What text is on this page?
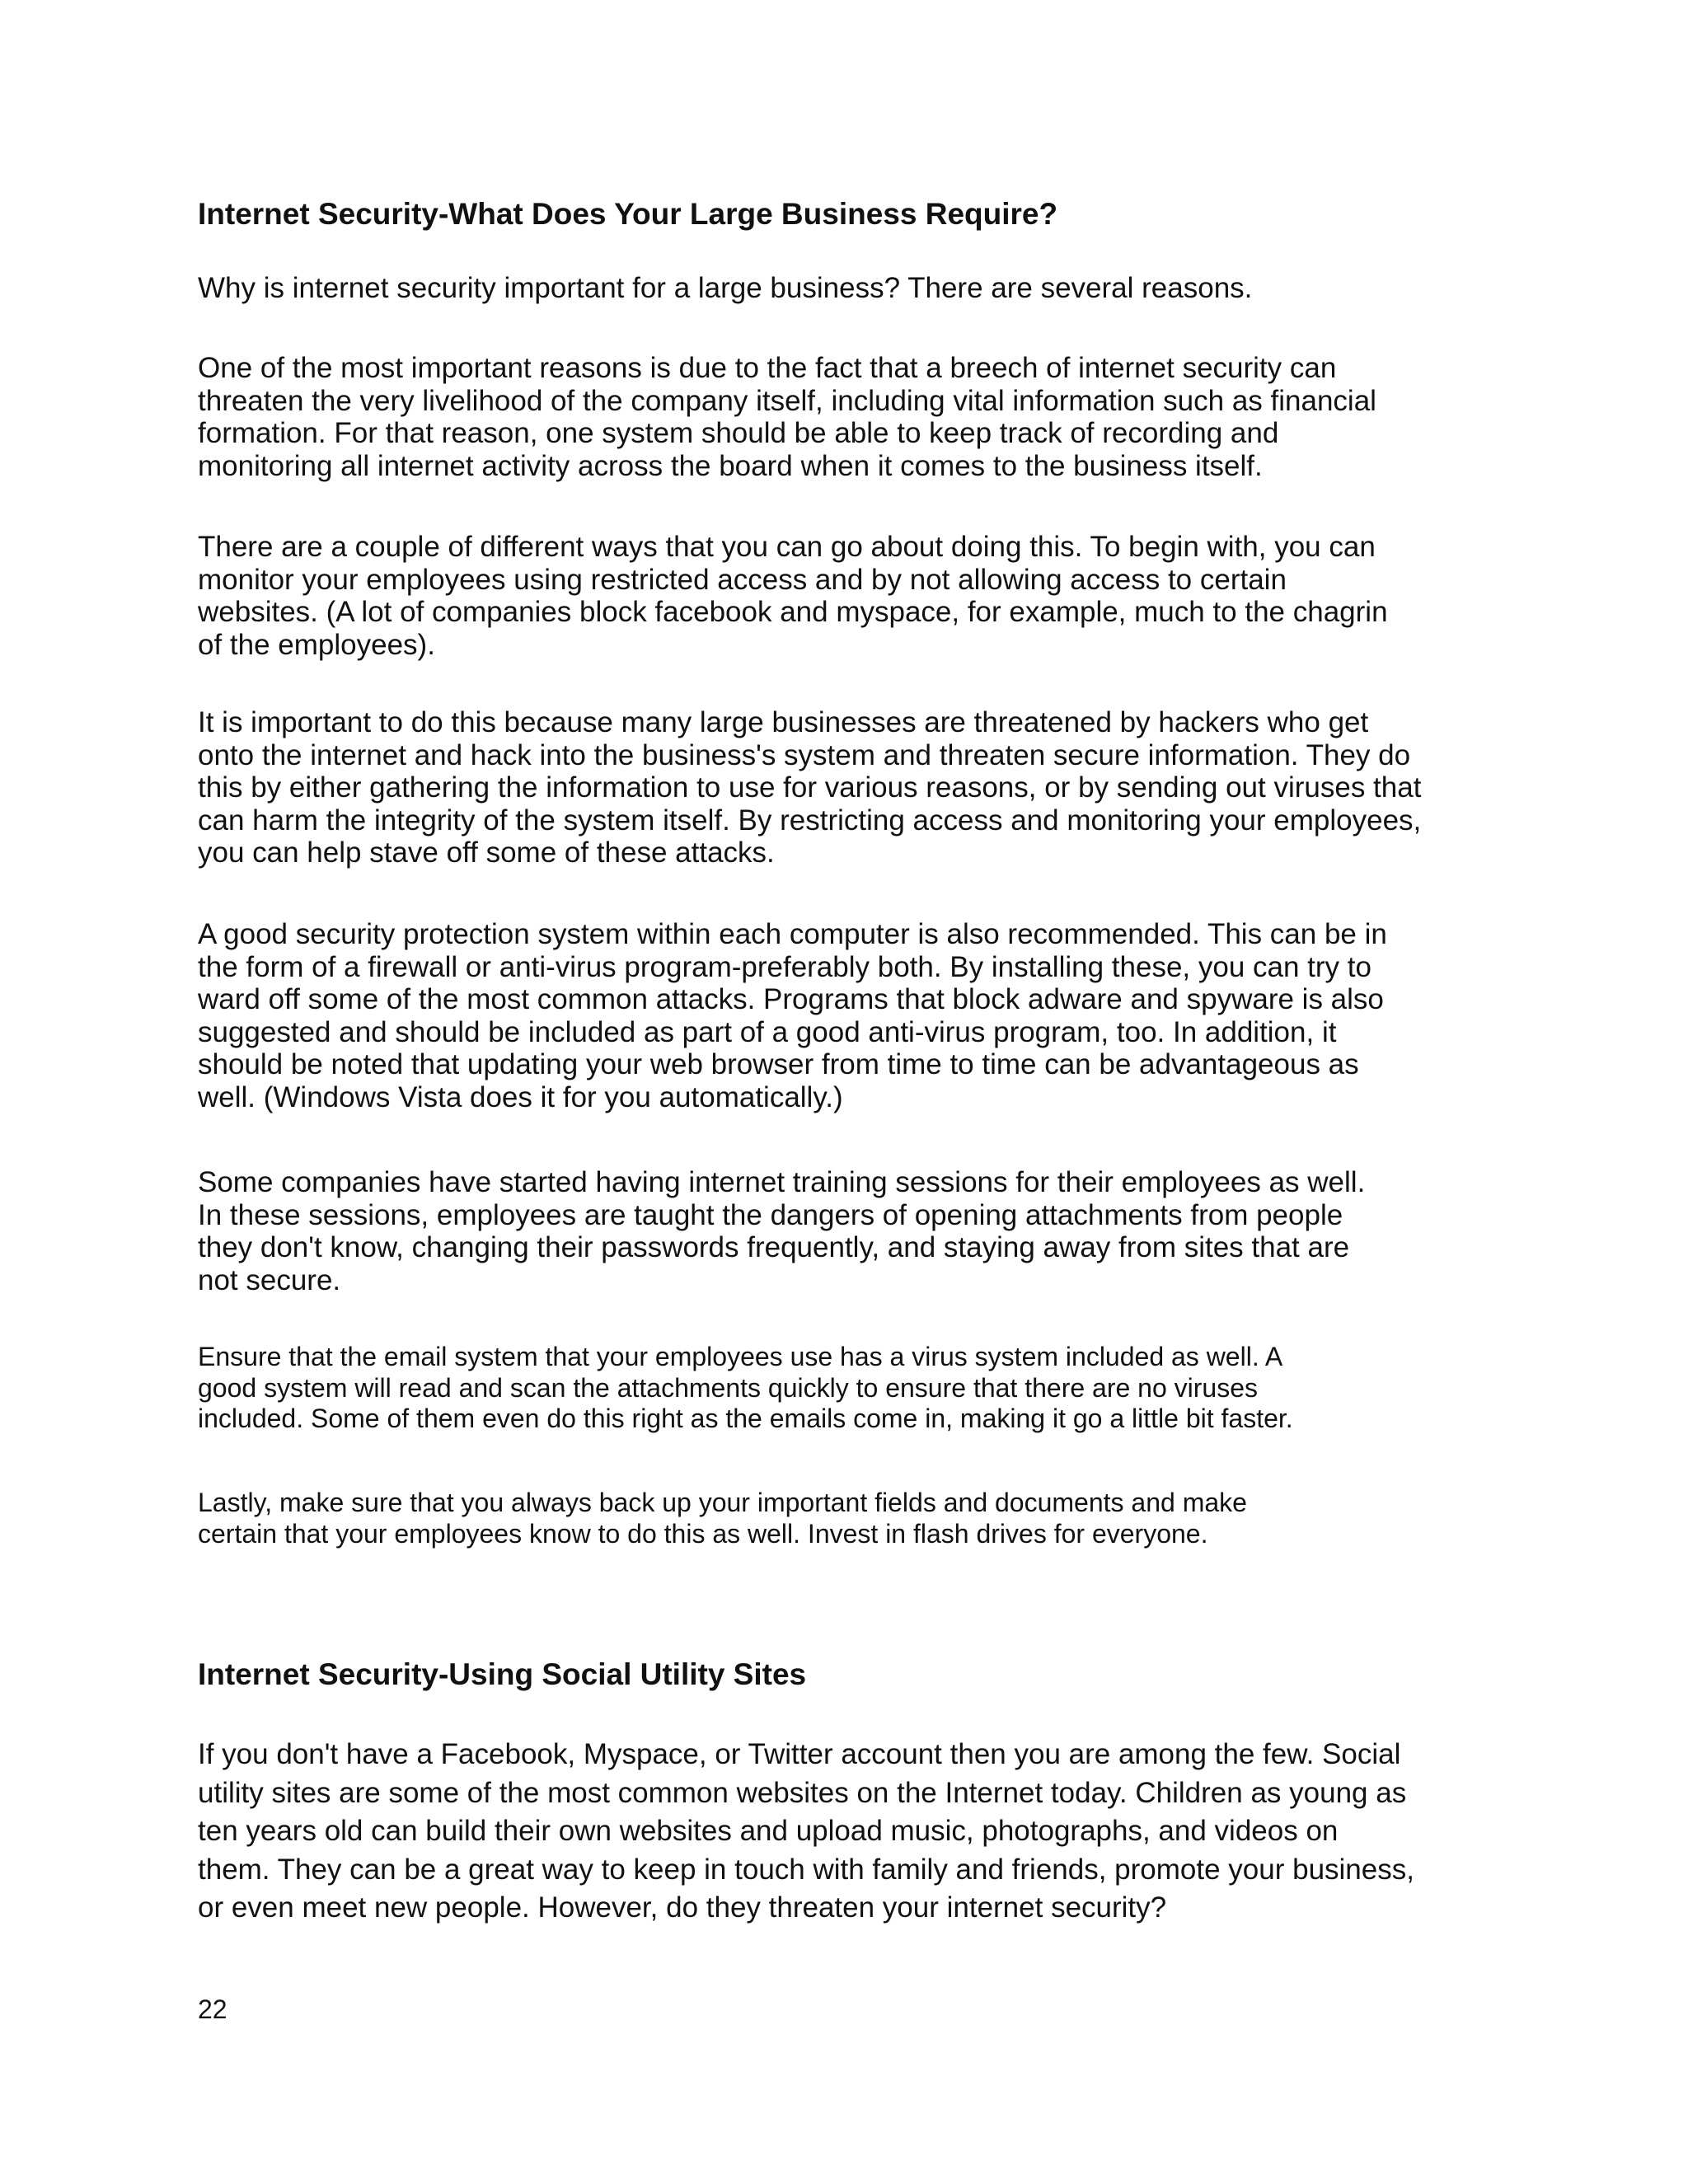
Internet Security-What Does Your Large Business Require?

Why is internet security important for a large business? There are several reasons.

One of the most important reasons is due to the fact that a breech of internet security can
threaten the very livelihood of the company itself, including vital information such as financial
formation. For that reason, one system should be able to keep track of recording and
monitoring all internet activity across the board when it comes to the business itself.

There are a couple of different ways that you can go about doing this. To begin with, you can
monitor your employees using restricted access and by not allowing access to certain
websites. (A lot of companies block facebook and myspace, for example, much to the chagrin
of the employees).

It is important to do this because many large businesses are threatened by hackers who get
onto the internet and hack into the business's system and threaten secure information. They do
this by either gathering the information to use for various reasons, or by sending out viruses that
can harm the integrity of the system itself. By restricting access and monitoring your employees,
you can help stave off some of these attacks.

A good security protection system within each computer is also recommended. This can be in
the form of a firewall or anti-virus program-preferably both. By installing these, you can try to
ward off some of the most common attacks. Programs that block adware and spyware is also
suggested and should be included as part of a good anti-virus program, too. In addition, it
should be noted that updating your web browser from time to time can be advantageous as
well. (Windows Vista does it for you automatically.)

Some companies have started having internet training sessions for their employees as well.
In these sessions, employees are taught the dangers of opening attachments from people
they don't know, changing their passwords frequently, and staying away from sites that are
not secure.

Ensure that the email system that your employees use has a virus system included as well. A
good system will read and scan the attachments quickly to ensure that there are no viruses
included. Some of them even do this right as the emails come in, making it go a little bit faster.

Lastly, make sure that you always back up your important fields and documents and make
certain that your employees know to do this as well. Invest in flash drives for everyone.

Internet Security-Using Social Utility Sites

If you don't have a Facebook, Myspace, or Twitter account then you are among the few. Social
utility sites are some of the most common websites on the Internet today. Children as young as
ten years old can build their own websites and upload music, photographs, and videos on
them. They can be a great way to keep in touch with family and friends, promote your business,
or even meet new people. However, do they threaten your internet security?

22
